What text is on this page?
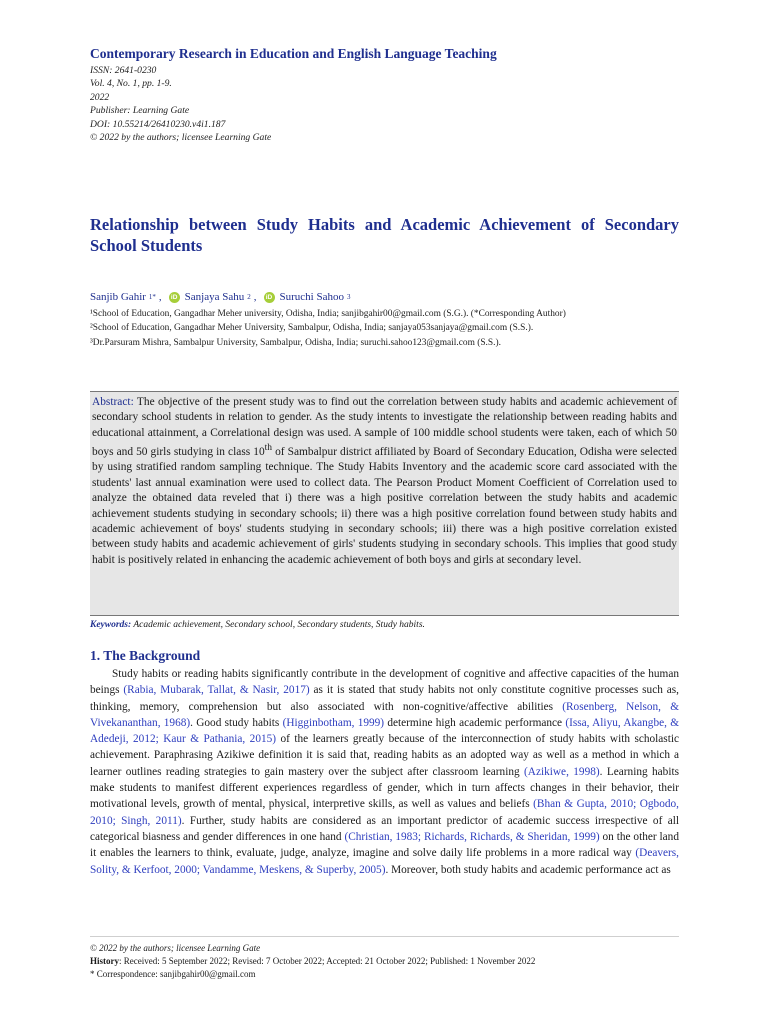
Contemporary Research in Education and English Language Teaching
ISSN: 2641-0230
Vol. 4, No. 1, pp. 1-9.
2022
Publisher: Learning Gate
DOI: 10.55214/26410230.v4i1.187
© 2022 by the authors; licensee Learning Gate
Relationship between Study Habits and Academic Achievement of Secondary School Students
Sanjib Gahir 1* ,	iD Sanjaya Sahu 2 ,	iD Suruchi Sahoo 3
¹School of Education, Gangadhar Meher university, Odisha, India; sanjibgahir00@gmail.com (S.G.). (*Corresponding Author)
²School of Education, Gangadhar Meher University, Sambalpur, Odisha, India; sanjaya053sanjaya@gmail.com (S.S.).
³Dr.Parsuram Mishra, Sambalpur University, Sambalpur, Odisha, India; suruchi.sahoo123@gmail.com (S.S.).
Abstract: The objective of the present study was to find out the correlation between study habits and academic achievement of secondary school students in relation to gender. As the study intents to investigate the relationship between reading habits and educational attainment, a Correlational design was used. A sample of 100 middle school students were taken, each of which 50 boys and 50 girls studying in class 10th of Sambalpur district affiliated by Board of Secondary Education, Odisha were selected by using stratified random sampling technique. The Study Habits Inventory and the academic score card associated with the students' last annual examination were used to collect data. The Pearson Product Moment Coefficient of Correlation used to analyze the obtained data reveled that i) there was a high positive correlation between the study habits and academic achievement students studying in secondary schools; ii) there was a high positive correlation found between study habits and academic achievement of boys' students studying in secondary schools; iii) there was a high positive correlation existed between study habits and academic achievement of girls' students studying in secondary schools. This implies that good study habit is positively related in enhancing the academic achievement of both boys and girls at secondary level.
Keywords: Academic achievement, Secondary school, Secondary students, Study habits.
1. The Background
Study habits or reading habits significantly contribute in the development of cognitive and affective capacities of the human beings (Rabia, Mubarak, Tallat, & Nasir, 2017) as it is stated that study habits not only constitute cognitive processes such as, thinking, memory, comprehension but also associated with non-cognitive/affective abilities (Rosenberg, Nelson, & Vivekananthan, 1968). Good study habits (Higginbotham, 1999) determine high academic performance (Issa, Aliyu, Akangbe, & Adedeji, 2012; Kaur & Pathania, 2015) of the learners greatly because of the interconnection of study habits with scholastic achievement. Paraphrasing Azikiwe definition it is said that, reading habits as an adopted way as well as a method in which a learner outlines reading strategies to gain mastery over the subject after classroom learning (Azikiwe, 1998). Learning habits make students to manifest different experiences regardless of gender, which in turn affects changes in their behavior, their motivational levels, growth of mental, physical, interpretive skills, as well as values and beliefs (Bhan & Gupta, 2010; Ogbodo, 2010; Singh, 2011). Further, study habits are considered as an important predictor of academic success irrespective of all categorical biasness and gender differences in one hand (Christian, 1983; Richards, Richards, & Sheridan, 1999) on the other land it enables the learners to think, evaluate, judge, analyze, imagine and solve daily life problems in a more radical way (Deavers, Solity, & Kerfoot, 2000; Vandamme, Meskens, & Superby, 2005). Moreover, both study habits and academic performance act as
© 2022 by the authors; licensee Learning Gate
History: Received: 5 September 2022; Revised: 7 October 2022; Accepted: 21 October 2022; Published: 1 November 2022
* Correspondence: sanjibgahir00@gmail.com
